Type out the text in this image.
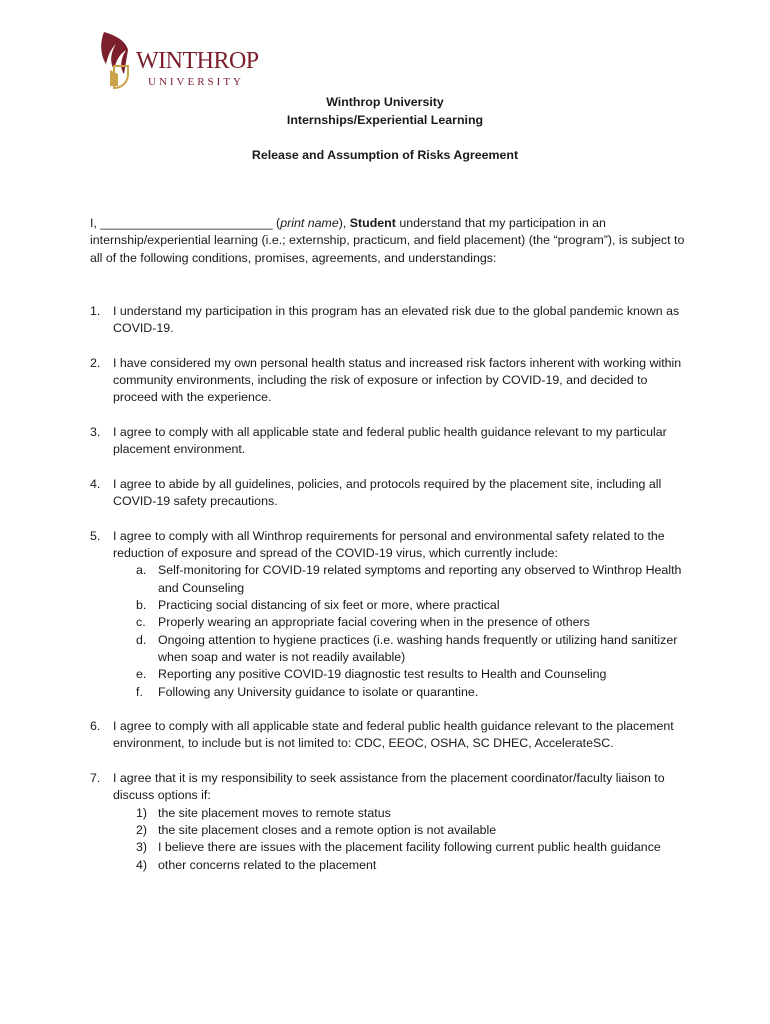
WINTHROP
UNIVERSITY
Winthrop University
Internships/Experiential Learning
Release and Assumption of Risks Agreement
I, _________________________ (print name), Student understand that my participation in an internship/experiential learning (i.e.; externship, practicum, and field placement) (the “program”), is subject to all of the following conditions, promises, agreements, and understandings:
1. I understand my participation in this program has an elevated risk due to the global pandemic known as COVID-19.
2. I have considered my own personal health status and increased risk factors inherent with working within community environments, including the risk of exposure or infection by COVID-19, and decided to proceed with the experience.
3. I agree to comply with all applicable state and federal public health guidance relevant to my particular placement environment.
4. I agree to abide by all guidelines, policies, and protocols required by the placement site, including all COVID-19 safety precautions.
5. I agree to comply with all Winthrop requirements for personal and environmental safety related to the reduction of exposure and spread of the COVID-19 virus, which currently include:
a. Self-monitoring for COVID-19 related symptoms and reporting any observed to Winthrop Health and Counseling
b. Practicing social distancing of six feet or more, where practical
c. Properly wearing an appropriate facial covering when in the presence of others
d. Ongoing attention to hygiene practices (i.e. washing hands frequently or utilizing hand sanitizer when soap and water is not readily available)
e. Reporting any positive COVID-19 diagnostic test results to Health and Counseling
f. Following any University guidance to isolate or quarantine.
6. I agree to comply with all applicable state and federal public health guidance relevant to the placement environment, to include but is not limited to: CDC, EEOC, OSHA, SC DHEC, AccelerateSC.
7. I agree that it is my responsibility to seek assistance from the placement coordinator/faculty liaison to discuss options if:
1) the site placement moves to remote status
2) the site placement closes and a remote option is not available
3) I believe there are issues with the placement facility following current public health guidance
4) other concerns related to the placement
